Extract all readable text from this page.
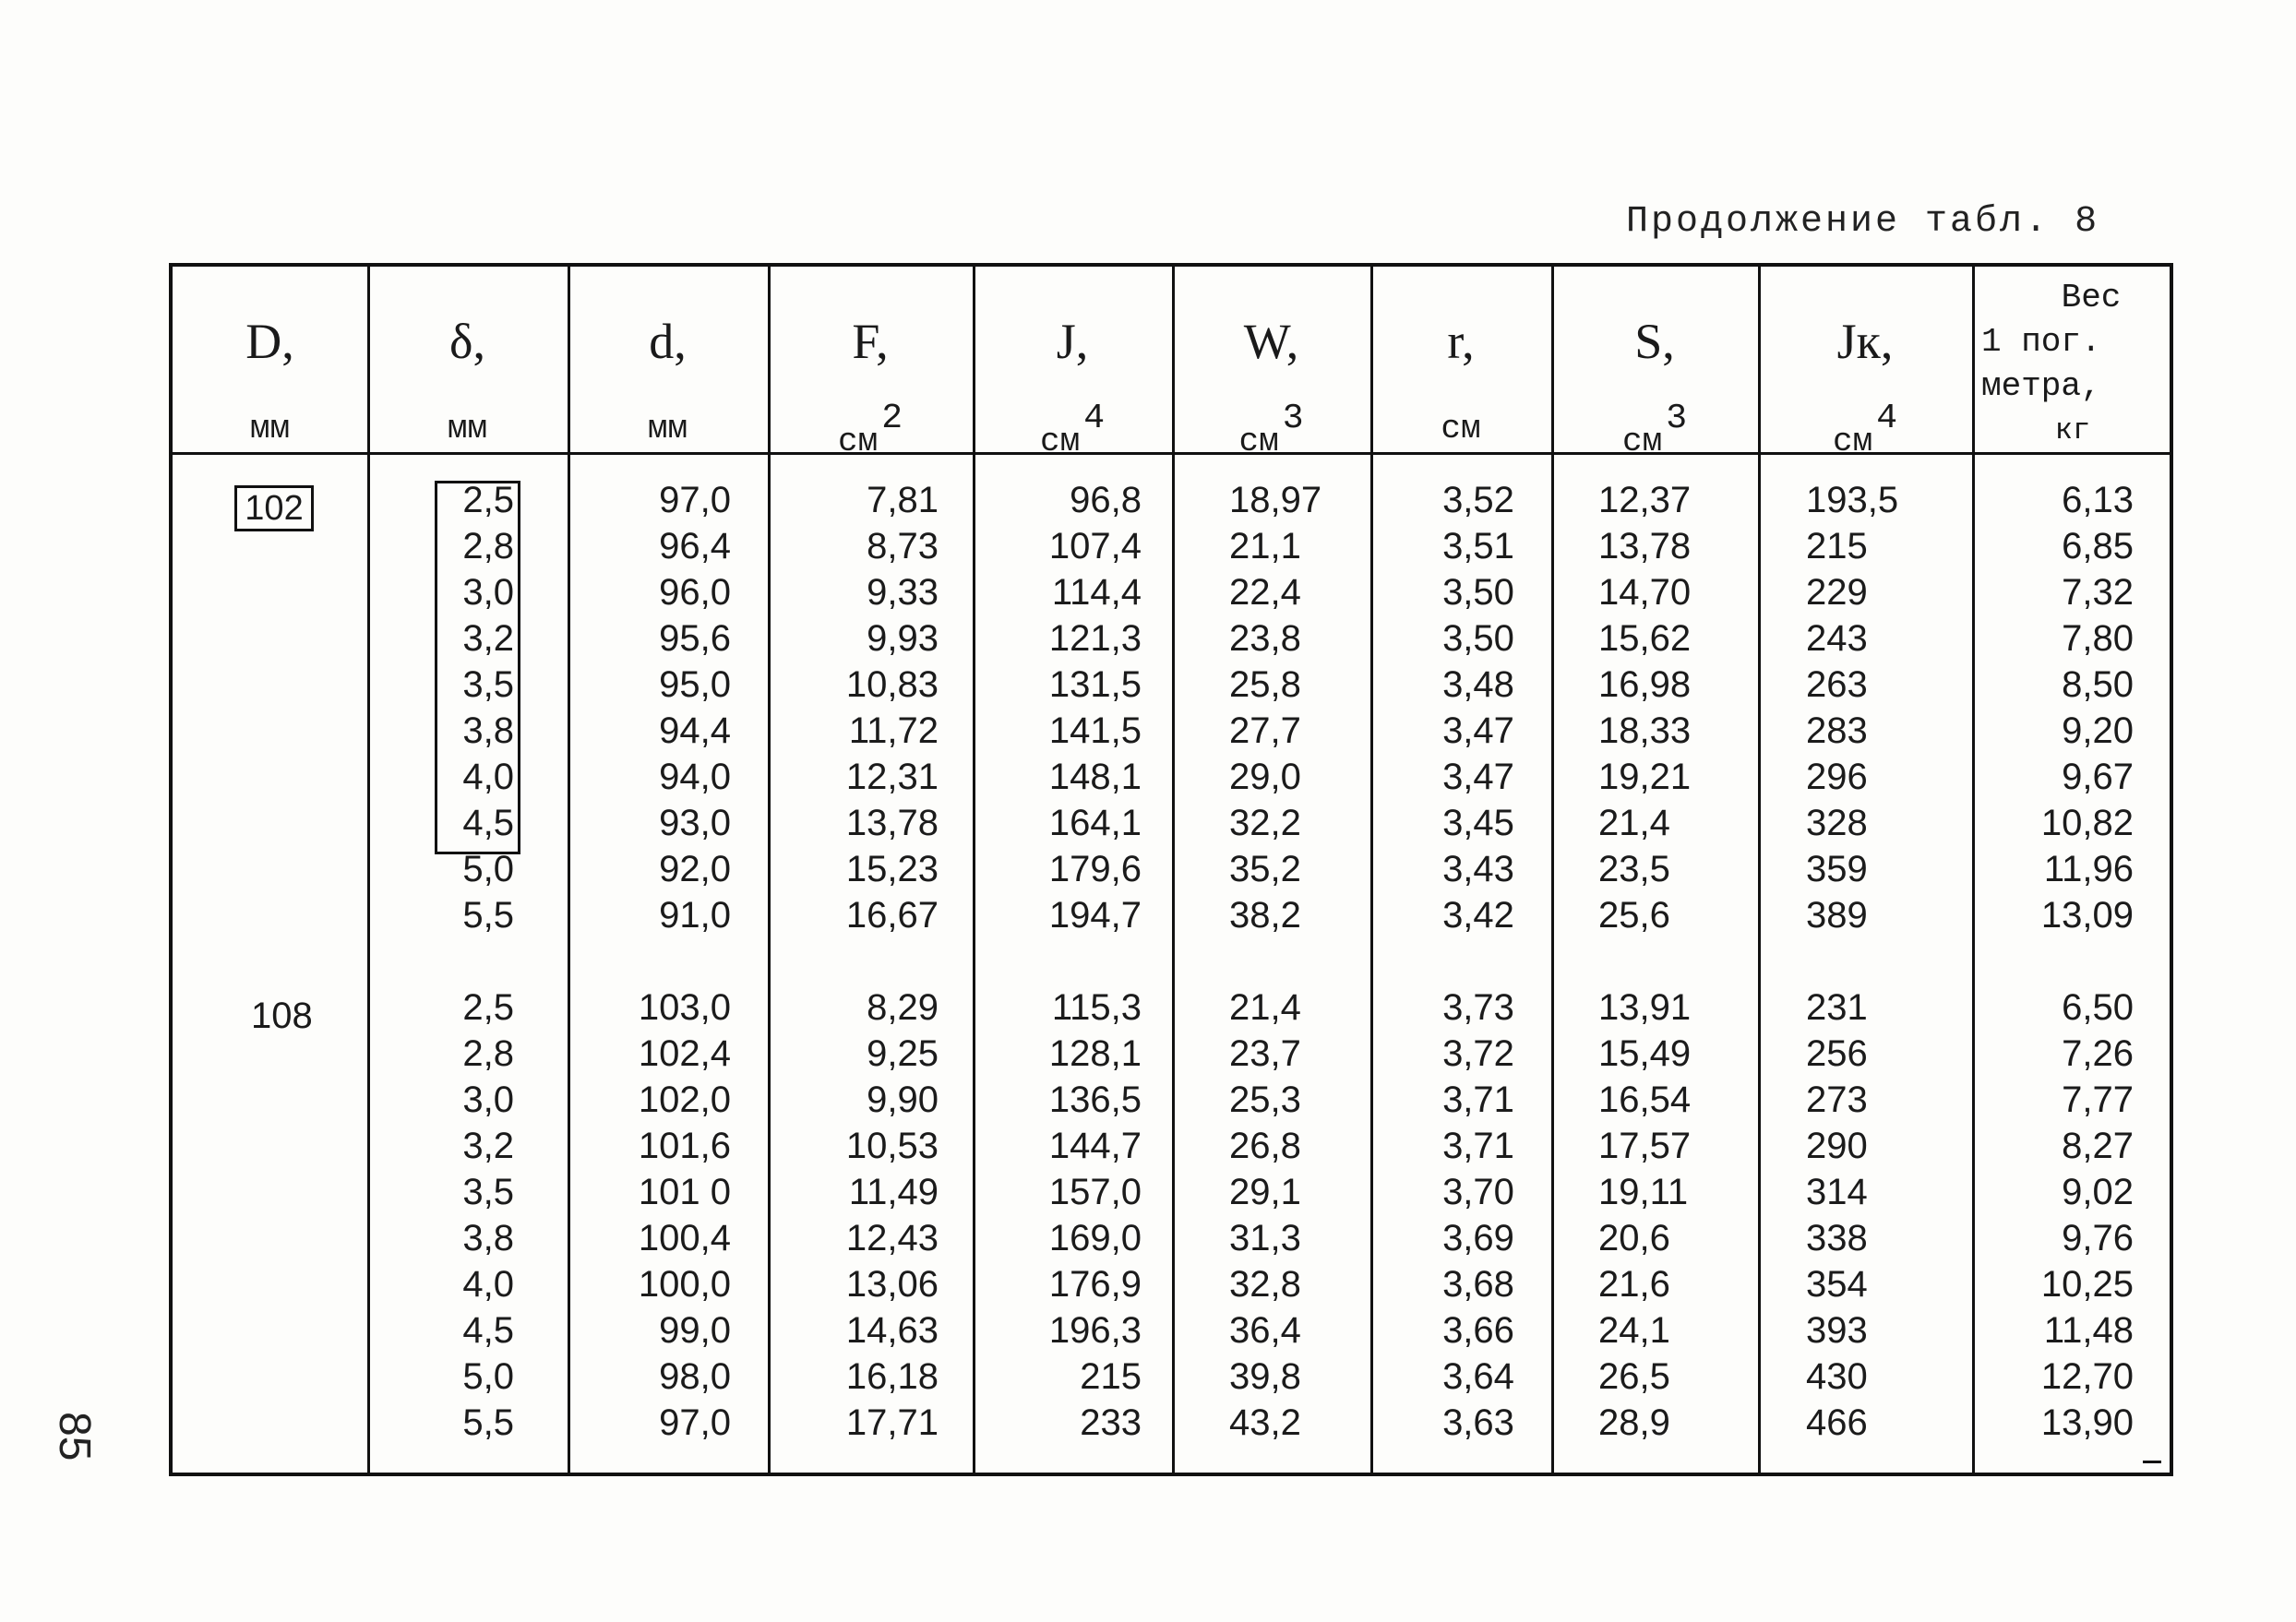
Продолжение табл. 8
85
D,
мм
δ,
мм
d,
мм
F,
$см^2$
J,
$см^4$
W,
$см^3$
r,
см
S,
$см^3$
Jк,
$см^4$
Вес
1 пог.
метра,
кг
102
108
2,5
2,8
3,0
3,2
3,5
3,8
4,0
4,5
5,0
5,5
2,5
2,8
3,0
3,2
3,5
3,8
4,0
4,5
5,0
5,5
97,0
96,4
96,0
95,6
95,0
94,4
94,0
93,0
92,0
91,0
103,0
102,4
102,0
101,6
101 0
100,4
100,0
99,0
98,0
97,0
7,81
8,73
9,33
9,93
10,83
11,72
12,31
13,78
15,23
16,67
8,29
9,25
9,90
10,53
11,49
12,43
13,06
14,63
16,18
17,71
96,8
107,4
114,4
121,3
131,5
141,5
148,1
164,1
179,6
194,7
115,3
128,1
136,5
144,7
157,0
169,0
176,9
196,3
215
233
18,97
21,1
22,4
23,8
25,8
27,7
29,0
32,2
35,2
38,2
21,4
23,7
25,3
26,8
29,1
31,3
32,8
36,4
39,8
43,2
3,52
3,51
3,50
3,50
3,48
3,47
3,47
3,45
3,43
3,42
3,73
3,72
3,71
3,71
3,70
3,69
3,68
3,66
3,64
3,63
12,37
13,78
14,70
15,62
16,98
18,33
19,21
21,4
23,5
25,6
13,91
15,49
16,54
17,57
19,11
20,6
21,6
24,1
26,5
28,9
193,5
215
229
243
263
283
296
328
359
389
231
256
273
290
314
338
354
393
430
466
6,13
6,85
7,32
7,80
8,50
9,20
9,67
10,82
11,96
13,09
6,50
7,26
7,77
8,27
9,02
9,76
10,25
11,48
12,70
13,90
